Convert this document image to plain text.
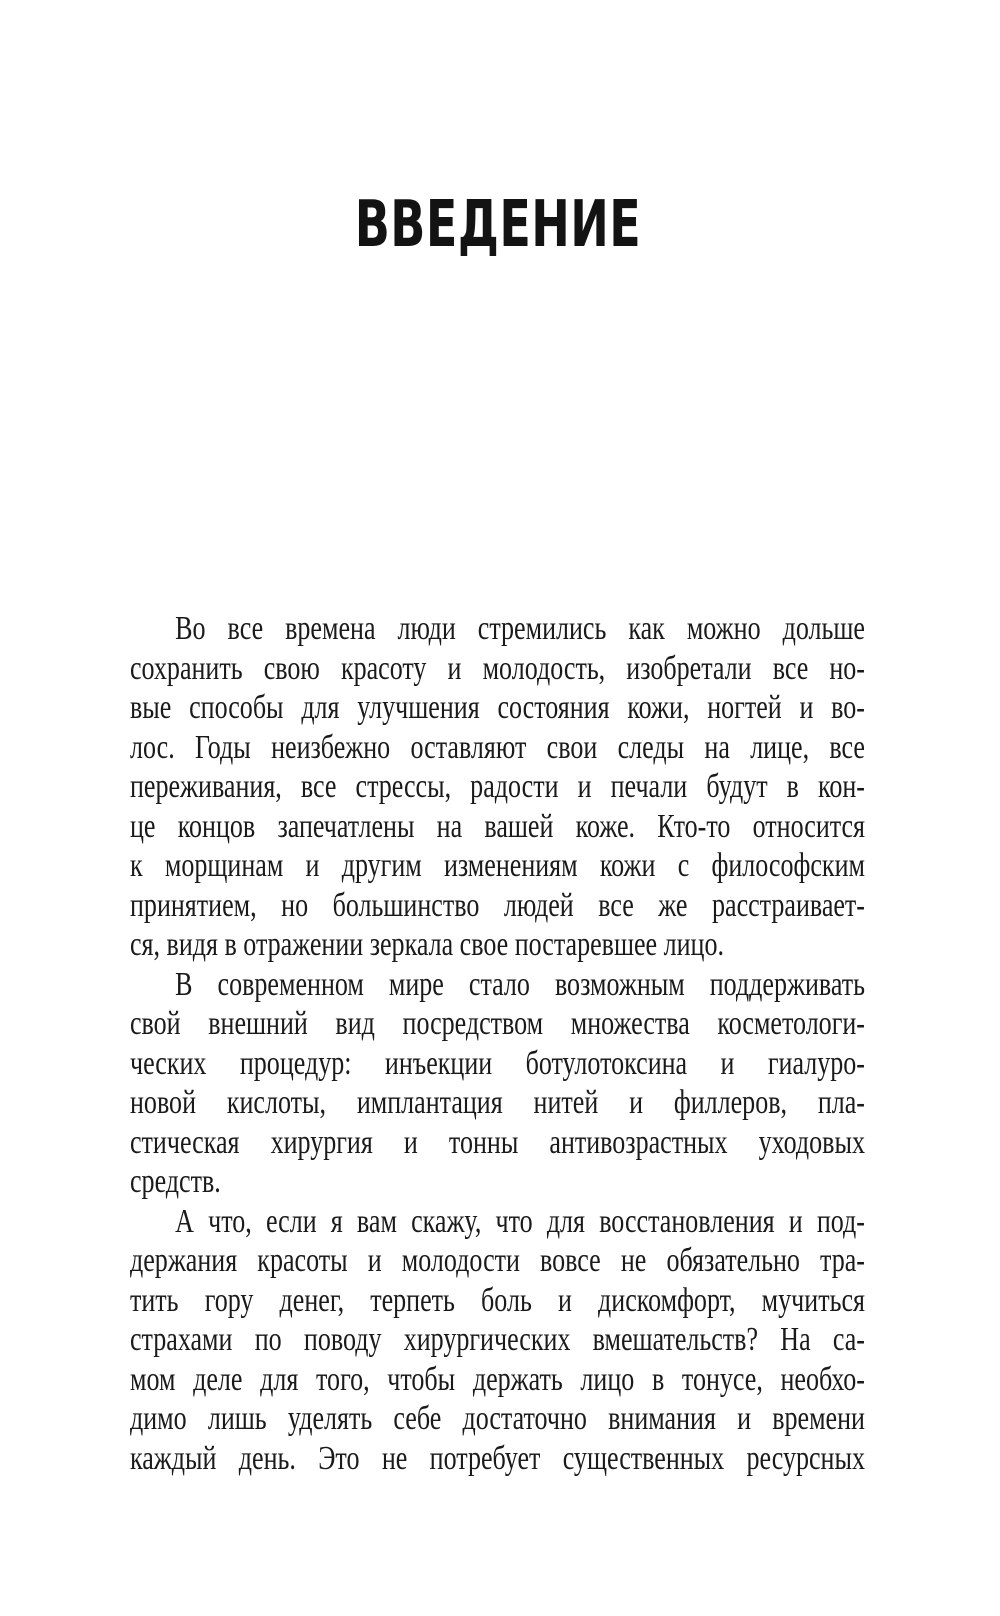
ВВЕДЕНИЕ
Во все времена люди стремились как можно дольше
сохранить свою красоту и молодость, изобретали все но-
вые способы для улучшения состояния кожи, ногтей и во-
лос. Годы неизбежно оставляют свои следы на лице, все
переживания, все стрессы, радости и печали будут в кон-
це концов запечатлены на вашей коже. Кто-то относится
к морщинам и другим изменениям кожи с философским
принятием, но большинство людей все же расстраивает-
ся, видя в отражении зеркала свое постаревшее лицо.
В современном мире стало возможным поддерживать
свой внешний вид посредством множества косметологи-
ческих процедур: инъекции ботулотоксина и гиалуро-
новой кислоты, имплантация нитей и филлеров, пла-
стическая хирургия и тонны антивозрастных уходовых
средств.
А что, если я вам скажу, что для восстановления и под-
держания красоты и молодости вовсе не обязательно тра-
тить гору денег, терпеть боль и дискомфорт, мучиться
страхами по поводу хирургических вмешательств? На са-
мом деле для того, чтобы держать лицо в тонусе, необхо-
димо лишь уделять себе достаточно внимания и времени
каждый день. Это не потребует существенных ресурсных
